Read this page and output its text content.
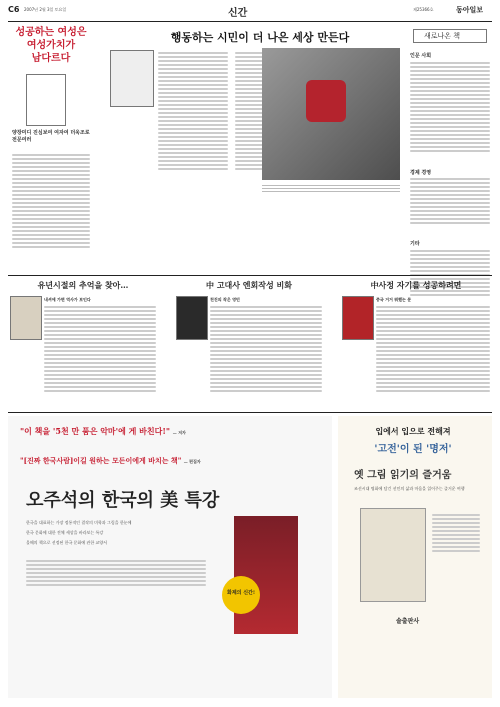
C6 2007년 2월 3일 토요일	신간	제25366호	동아일보
성공하는 여성은
여성가치가
남다르다
양장미디 진심보여 여자여 더욱조로
전문여러
행동하는 시민이 더 나은 세상 만든다	새로나온 책
인문 사회
경제 경영
기타
유년시절의 추억을 찾아…
내셔에 가면 역사가 보인다
中 고대사 엔회작성 비화
천진의 작은 영민
中사정 자기를 성공하려면
중국 거거 뭐했는 문
"이 책을 '5천 만 품은 악마'에 게 바친다!" — 저자
"[진짜 한국사람]이길 원하는 모든이에게 바치는 책" — 편집자
오주석의 한국의 美 특강
한국을 대표하는 가장 정통적인 결작의 미학과 그림을 한눈에
한국 문화에 대한 전체 세상을 바라보는 특강
올해의 책으로 선정된 한국 문화에 관한 교양서
화제의 신간!
입에서 입으로 전해져
'고전'이 된 '명저'
옛 그림 읽기의 즐거움
조선시대 명화에 담긴 선인의 삶과 마음을 읽어주는 즐거운 여행
솔출판사
